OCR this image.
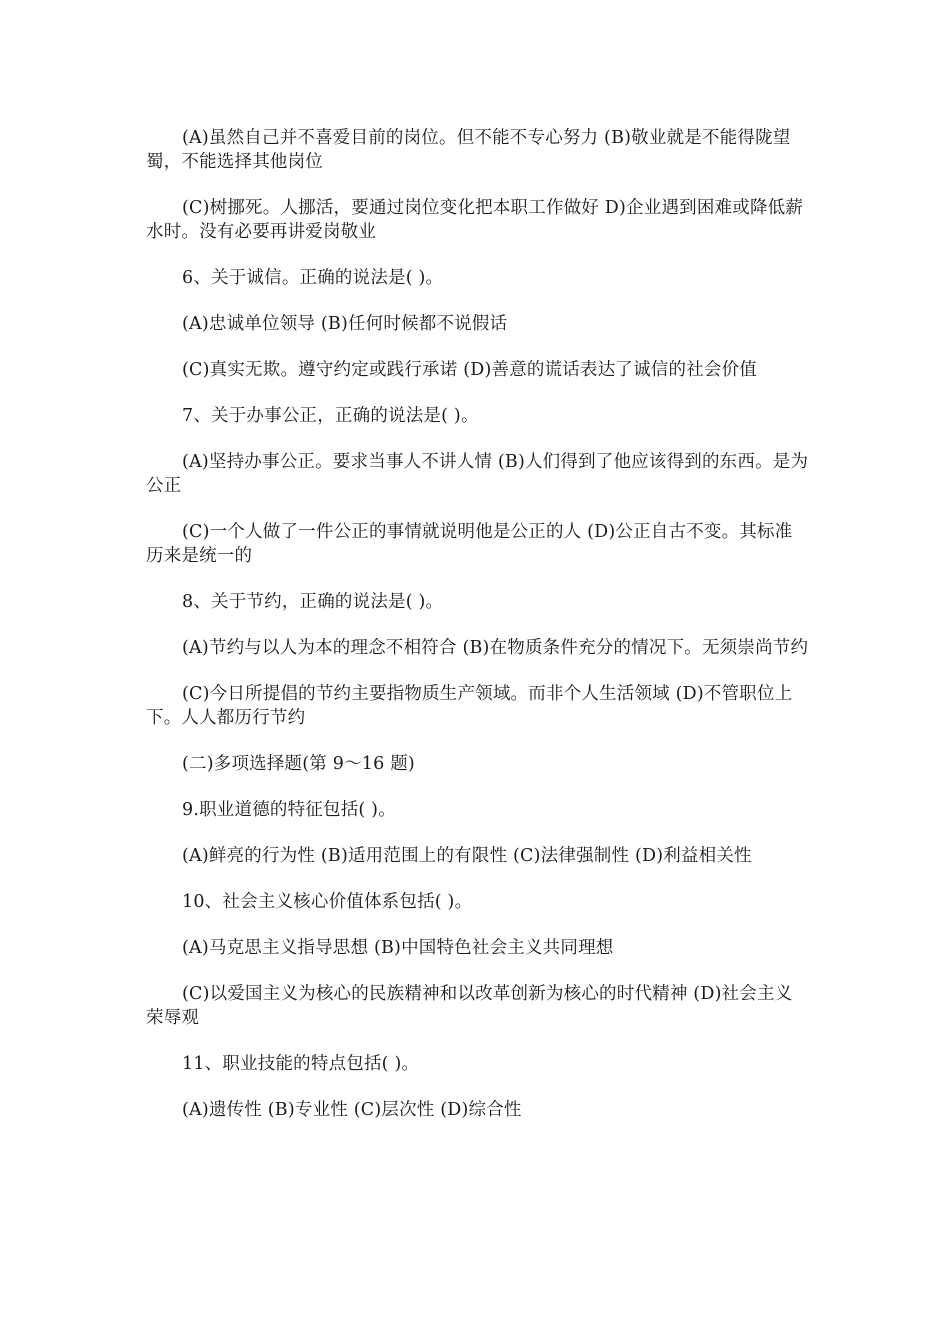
(A)虽然自己并不喜爱目前的岗位。但不能不专心努力 (B)敬业就是不能得陇望蜀，不能选择其他岗位

(C)树挪死。人挪活，要通过岗位变化把本职工作做好 D)企业遇到困难或降低薪水时。没有必要再讲爱岗敬业

6、关于诚信。正确的说法是( )。

(A)忠诚单位领导 (B)任何时候都不说假话

(C)真实无欺。遵守约定或践行承诺 (D)善意的谎话表达了诚信的社会价值

7、关于办事公正，正确的说法是( )。

(A)坚持办事公正。要求当事人不讲人情 (B)人们得到了他应该得到的东西。是为公正

(C)一个人做了一件公正的事情就说明他是公正的人 (D)公正自古不变。其标准历来是统一的

8、关于节约，正确的说法是( )。

(A)节约与以人为本的理念不相符合 (B)在物质条件充分的情况下。无须崇尚节约

(C)今日所提倡的节约主要指物质生产领域。而非个人生活领域 (D)不管职位上下。人人都历行节约

(二)多项选择题(第 9～16 题)

9.职业道德的特征包括( )。

(A)鲜亮的行为性 (B)适用范围上的有限性 (C)法律强制性 (D)利益相关性

10、社会主义核心价值体系包括( )。

(A)马克思主义指导思想 (B)中国特色社会主义共同理想

(C)以爱国主义为核心的民族精神和以改革创新为核心的时代精神 (D)社会主义荣辱观

11、职业技能的特点包括( )。

(A)遗传性 (B)专业性 (C)层次性 (D)综合性
